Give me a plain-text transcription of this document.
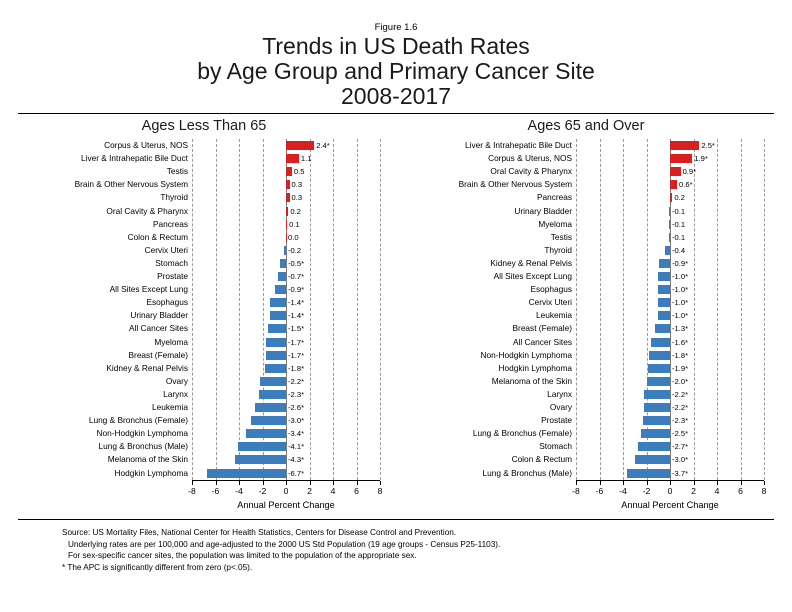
Figure 1.6
Trends in US Death Rates
by Age Group and Primary Cancer Site
2008-2017
Ages Less Than 65
Corpus & Uterus, NOS	2.4*
Liver & Intrahepatic Bile Duct	1.1
Testis	0.5
Brain & Other Nervous System	0.3
Thyroid	0.3
Oral Cavity & Pharynx	0.2
Pancreas	0.1
Colon & Rectum	0.0
Cervix Uteri	-0.2
Stomach	-0.5*
Prostate	-0.7*
All Sites Except Lung	-0.9*
Esophagus	-1.4*
Urinary Bladder	-1.4*
All Cancer Sites	-1.5*
Myeloma	-1.7*
Breast (Female)	-1.7*
Kidney & Renal Pelvis	-1.8*
Ovary	-2.2*
Larynx	-2.3*
Leukemia	-2.6*
Lung & Bronchus (Female)	-3.0*
Non-Hodgkin Lymphoma	-3.4*
Lung & Bronchus (Male)	-4.1*
Melanoma of the Skin	-4.3*
Hodgkin Lymphoma	-6.7*
-8	-6	-4	-2	0	2	4	6	8
Annual Percent Change
Ages 65 and Over
Liver & Intrahepatic Bile Duct	2.5*
Corpus & Uterus, NOS	1.9*
Oral Cavity & Pharynx	0.9*
Brain & Other Nervous System	0.6*
Pancreas	0.2
Urinary Bladder	-0.1
Myeloma	-0.1
Testis	-0.1
Thyroid	-0.4
Kidney & Renal Pelvis	-0.9*
All Sites Except Lung	-1.0*
Esophagus	-1.0*
Cervix Uteri	-1.0*
Leukemia	-1.0*
Breast (Female)	-1.3*
All Cancer Sites	-1.6*
Non-Hodgkin Lymphoma	-1.8*
Hodgkin Lymphoma	-1.9*
Melanoma of the Skin	-2.0*
Larynx	-2.2*
Ovary	-2.2*
Prostate	-2.3*
Lung & Bronchus (Female)	-2.5*
Stomach	-2.7*
Colon & Rectum	-3.0*
Lung & Bronchus (Male)	-3.7*
-8	-6	-4	-2	0	2	4	6	8
Annual Percent Change
Source: US Mortality Files, National Center for Health Statistics, Centers for Disease Control and Prevention.
Underlying rates are per 100,000 and age-adjusted to the 2000 US Std Population (19 age groups - Census P25-1103).
For sex-specific cancer sites, the population was limited to the population of the appropriate sex.
* The APC is significantly different from zero (p<.05).
